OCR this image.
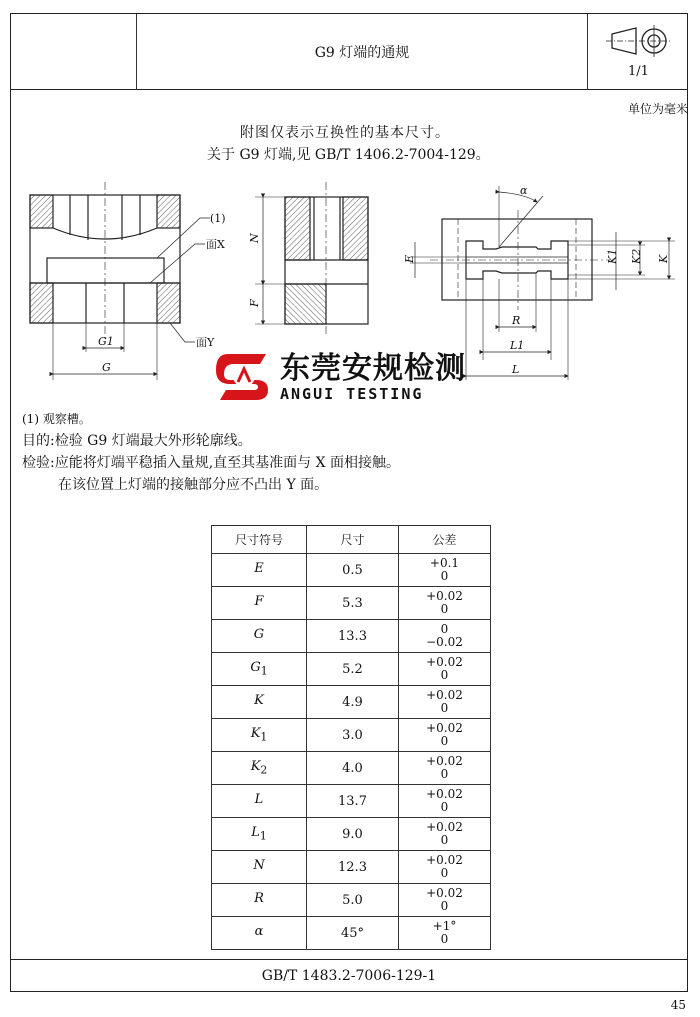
G9 灯端的通规
1/1
GB/T 1483.2-7006-129-1
单位为毫米
附图仅表示互换性的基本尺寸。
关于 G9 灯端,见 GB/T 1406.2-7004-129。
(1)
面X
面Y
G1
G
N
F
α
R
L1
L
E	K1 K2 K
东莞安规检测
ANGUI TESTING
(1) 观察槽。
目的:检验 G9 灯端最大外形轮廓线。
检验:应能将灯端平稳插入量规,直至其基准面与 X 面相接触。
在该位置上灯端的接触部分应不凸出 Y 面。
尺寸符号	尺寸	公差
E	0.5	+0.1
0
F	5.3	+0.02
0
G	13.3	0
−0.02
$G_1$	5.2	+0.02
0
K	4.9	+0.02
0
$K_1$	3.0	+0.02
0
$K_2$	4.0	+0.02
0
L	13.7	+0.02
0
$L_1$	9.0	+0.02
0
N	12.3	+0.02
0
R	5.0	+0.02
0
α	45°	+1°
0
45
